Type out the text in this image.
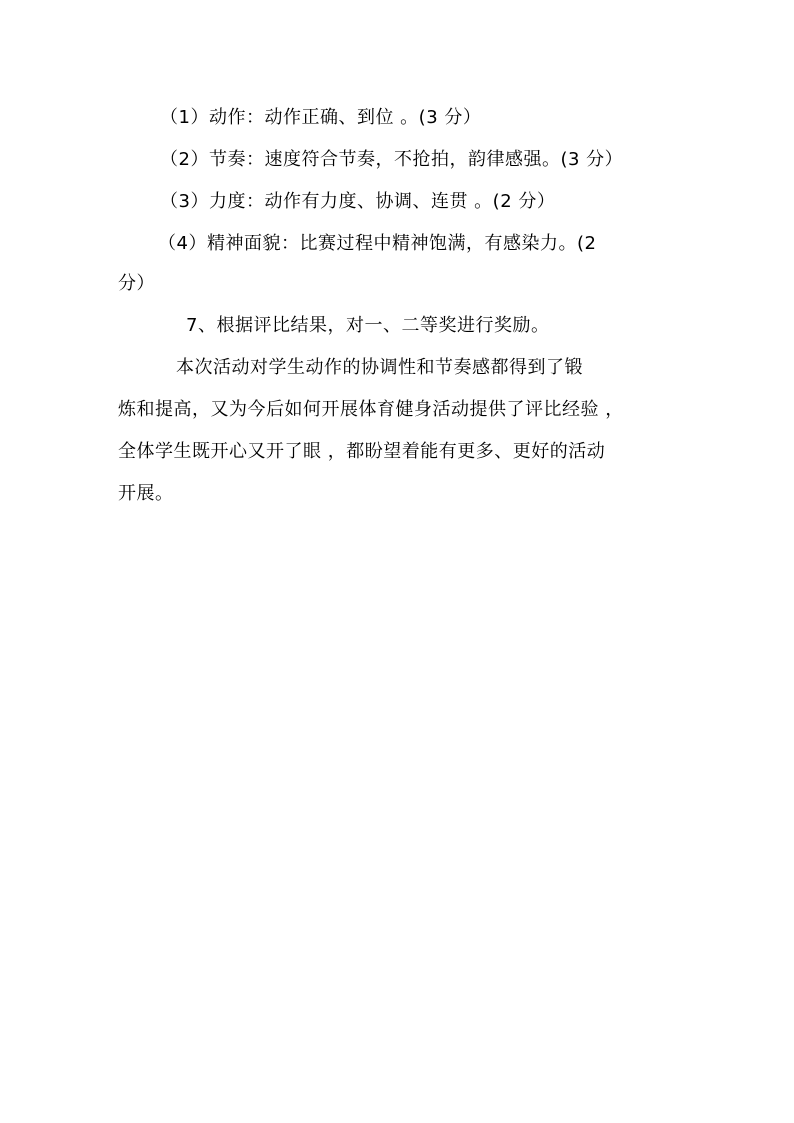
（1）动作：动作正确、到位 。(3 分）
（2）节奏：速度符合节奏，不抢拍，韵律感强。(3 分）
（3）力度：动作有力度、协调、连贯 。(2 分）
（4）精神面貌：比赛过程中精神饱满，有感染力。(2
分）
7、根据评比结果，对一、二等奖进行奖励。
本次活动对学生动作的协调性和节奏感都得到了锻
炼和提高，又为今后如何开展体育健身活动提供了评比经验 ，
全体学生既开心又开了眼 ，都盼望着能有更多、更好的活动
开展。
